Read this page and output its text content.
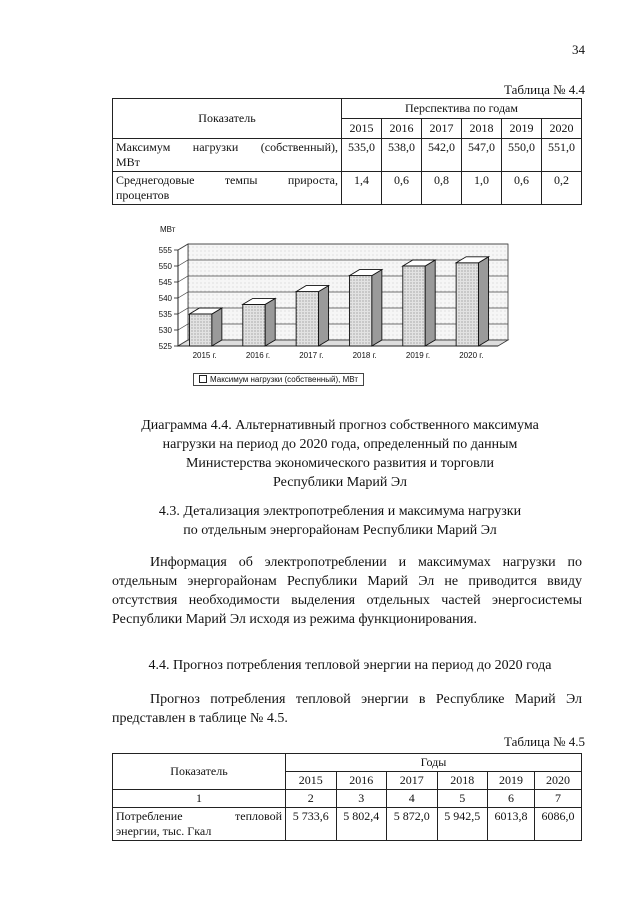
34
Таблица № 4.4
Показатель	Перспектива по годам					
	2015	2016	2017	2018	2019	2020

Максимум нагрузки (собственный),
МВт	535,0	538,0	542,0	547,0	550,0	551,0

Среднегодовые темпы прироста,
процентов	1,4	0,6	0,8	1,0	0,6	0,2
525
530
535
540
545
550
555
МВт
2015 г.	2016 г.	2017 г.	2018 г.	2019 г.	2020 г.
Максимум нагрузки (собственный), МВт
Диаграмма 4.4. Альтернативный прогноз собственного максимума
нагрузки на период до 2020 года, определенный по данным
Министерства экономического развития и торговли
Республики Марий Эл
4.3. Детализация электропотребления и максимума нагрузки
по отдельным энергорайонам Республики Марий Эл
Информация об электропотреблении и максимумах нагрузки по отдельным энергорайонам Республики Марий Эл не приводится ввиду отсутствия необходимости выделения отдельных частей энергосистемы Республики Марий Эл исходя из режима функционирования.
4.4. Прогноз потребления тепловой энергии на период до 2020 года
Прогноз потребления тепловой энергии в Республике Марий Эл представлен в таблице № 4.5.
Таблица № 4.5
Показатель	Годы					
	2015	2016	2017	2018	2019	2020
1	2	3	4	5	6	7

Потребление тепловой
энергии, тыс. Гкал	5 733,6	5 802,4	5 872,0	5 942,5	6013,8	6086,0
